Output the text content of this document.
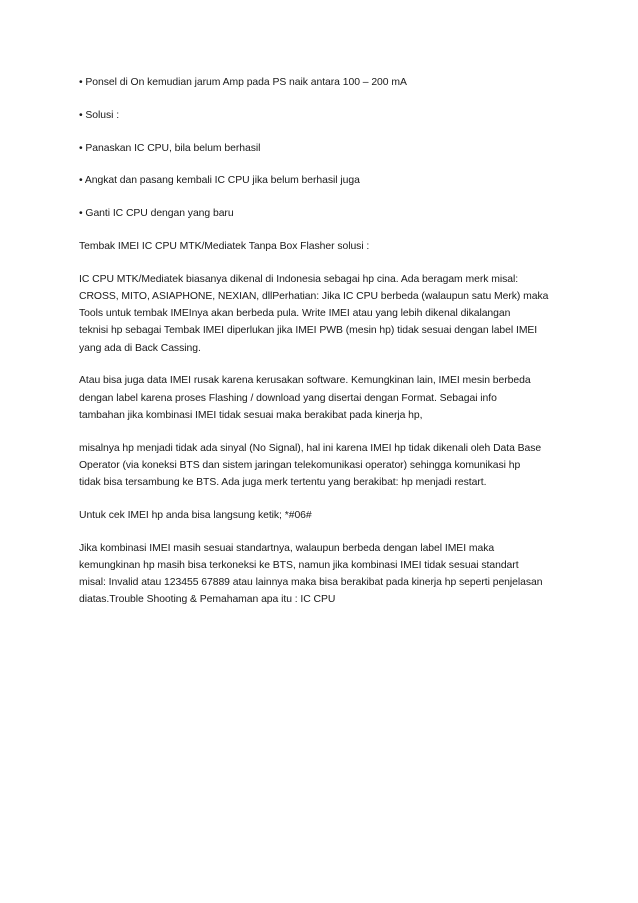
• Ponsel di On kemudian jarum Amp pada PS naik antara 100 – 200 mA

• Solusi :

• Panaskan IC CPU, bila belum berhasil

• Angkat dan pasang kembali IC CPU jika belum berhasil juga

• Ganti IC CPU dengan yang baru

Tembak IMEI IC CPU MTK/Mediatek Tanpa Box Flasher solusi :

IC CPU MTK/Mediatek biasanya dikenal di Indonesia sebagai hp cina. Ada beragam merk misal:
CROSS, MITO, ASIAPHONE, NEXIAN, dllPerhatian: Jika IC CPU berbeda (walaupun satu Merk) maka
Tools untuk tembak IMEInya akan berbeda pula. Write IMEI atau yang lebih dikenal dikalangan
teknisi hp sebagai Tembak IMEI diperlukan jika IMEI PWB (mesin hp) tidak sesuai dengan label IMEI
yang ada di Back Cassing.

Atau bisa juga data IMEI rusak karena kerusakan software. Kemungkinan lain, IMEI mesin berbeda
dengan label karena proses Flashing / download yang disertai dengan Format. Sebagai info
tambahan jika kombinasi IMEI tidak sesuai maka berakibat pada kinerja hp,

misalnya hp menjadi tidak ada sinyal (No Signal), hal ini karena IMEI hp tidak dikenali oleh Data Base
Operator (via koneksi BTS dan sistem jaringan telekomunikasi operator) sehingga komunikasi hp
tidak bisa tersambung ke BTS. Ada juga merk tertentu yang berakibat: hp menjadi restart.

Untuk cek IMEI hp anda bisa langsung ketik; *#06#

Jika kombinasi IMEI masih sesuai standartnya, walaupun berbeda dengan label IMEI maka
kemungkinan hp masih bisa terkoneksi ke BTS, namun jika kombinasi IMEI tidak sesuai standart
misal: Invalid atau 123455 67889 atau lainnya maka bisa berakibat pada kinerja hp seperti penjelasan
diatas.Trouble Shooting & Pemahaman apa itu : IC CPU
